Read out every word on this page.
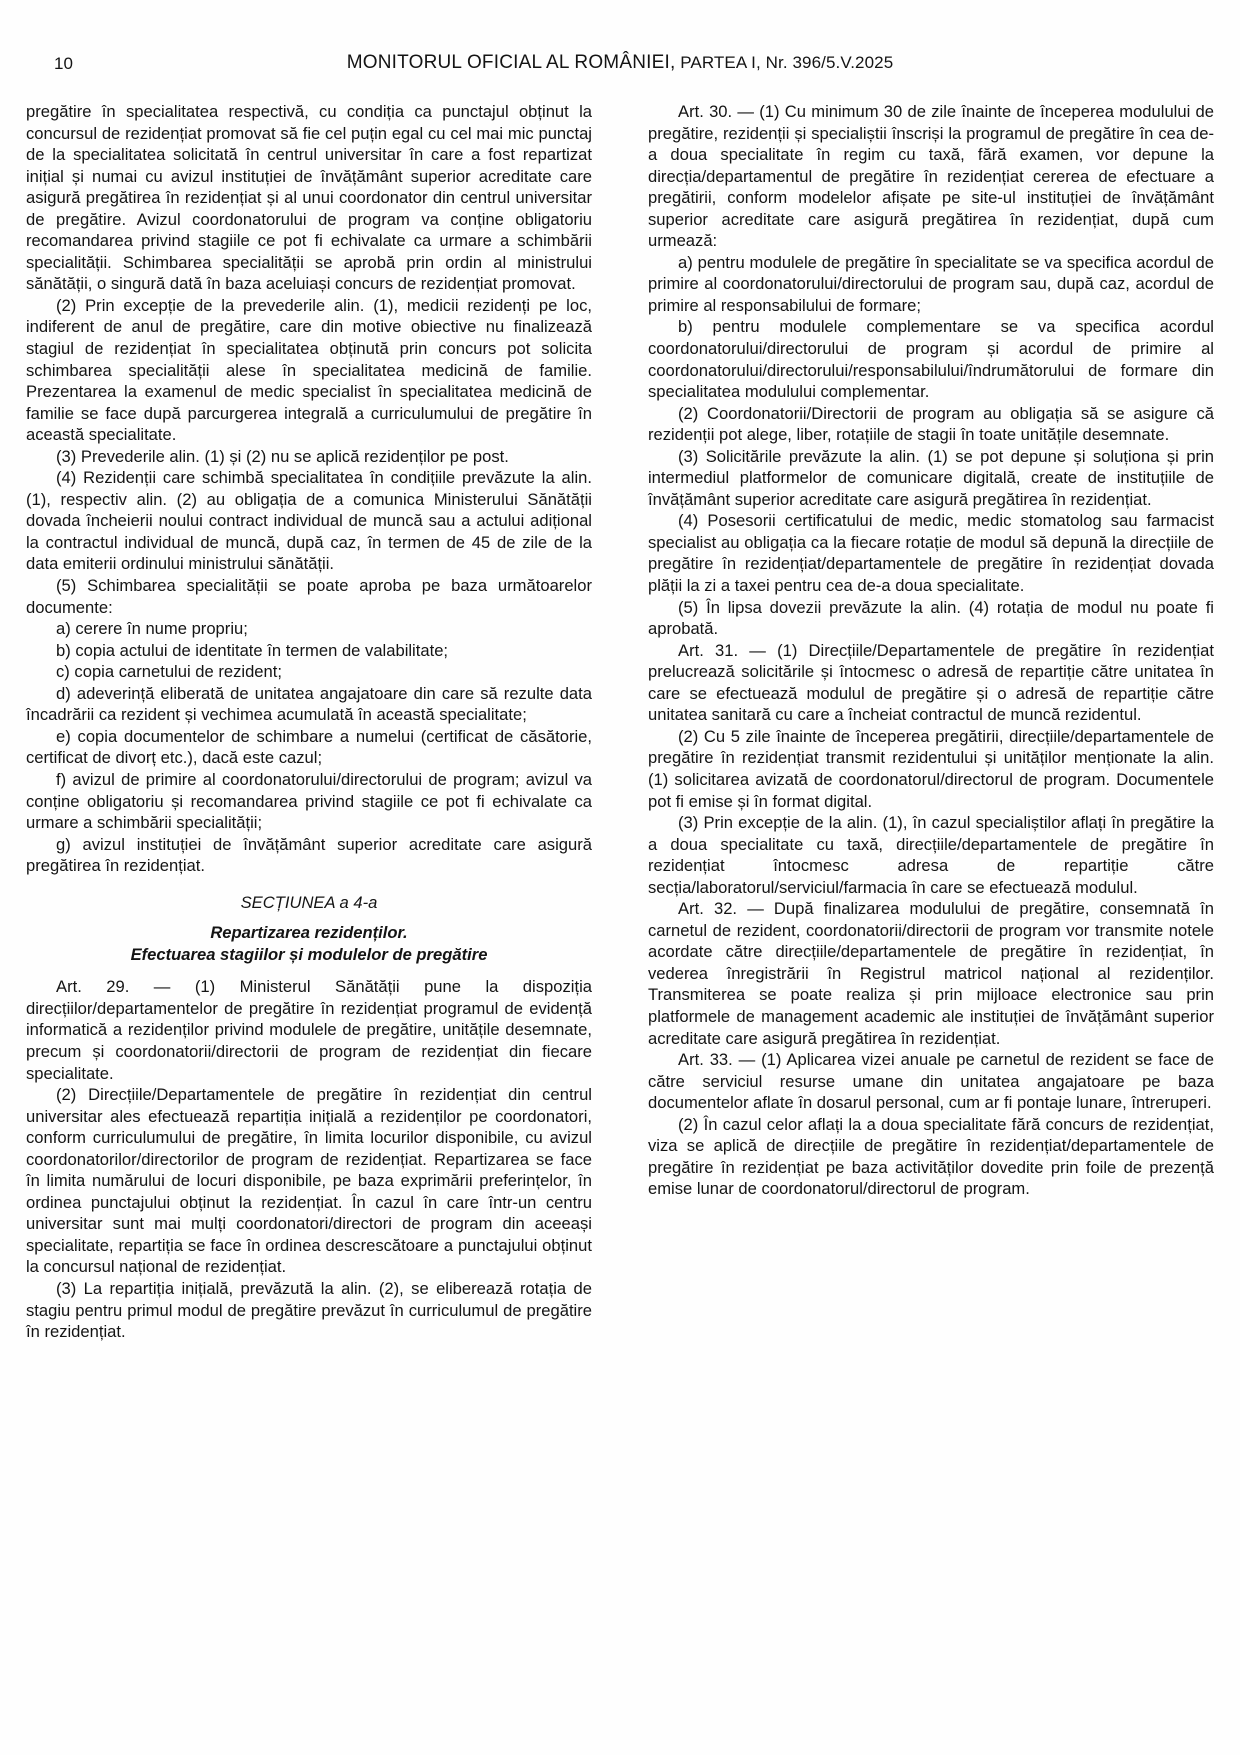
10	MONITORUL OFICIAL AL ROMÂNIEI, PARTEA I, Nr. 396/5.V.2025

pregătire în specialitatea respectivă, cu condiția ca punctajul obținut la concursul de rezidențiat promovat să fie cel puțin egal cu cel mai mic punctaj de la specialitatea solicitată în centrul universitar în care a fost repartizat inițial și numai cu avizul instituției de învățământ superior acreditate care asigură pregătirea în rezidențiat și al unui coordonator din centrul universitar de pregătire. Avizul coordonatorului de program va conține obligatoriu recomandarea privind stagiile ce pot fi echivalate ca urmare a schimbării specialității. Schimbarea specialității se aprobă prin ordin al ministrului sănătății, o singură dată în baza aceluiași concurs de rezidențiat promovat.

(2) Prin excepție de la prevederile alin. (1), medicii rezidenți pe loc, indiferent de anul de pregătire, care din motive obiective nu finalizează stagiul de rezidențiat în specialitatea obținută prin concurs pot solicita schimbarea specialității alese în specialitatea medicină de familie. Prezentarea la examenul de medic specialist în specialitatea medicină de familie se face după parcurgerea integrală a curriculumului de pregătire în această specialitate.

(3) Prevederile alin. (1) și (2) nu se aplică rezidenților pe post.

(4) Rezidenții care schimbă specialitatea în condițiile prevăzute la alin. (1), respectiv alin. (2) au obligația de a comunica Ministerului Sănătății dovada încheierii noului contract individual de muncă sau a actului adițional la contractul individual de muncă, după caz, în termen de 45 de zile de la data emiterii ordinului ministrului sănătății.

(5) Schimbarea specialității se poate aproba pe baza următoarelor documente:

a) cerere în nume propriu;

b) copia actului de identitate în termen de valabilitate;

c) copia carnetului de rezident;

d) adeverință eliberată de unitatea angajatoare din care să rezulte data încadrării ca rezident și vechimea acumulată în această specialitate;

e) copia documentelor de schimbare a numelui (certificat de căsătorie, certificat de divorț etc.), dacă este cazul;

f) avizul de primire al coordonatorului/directorului de program; avizul va conține obligatoriu și recomandarea privind stagiile ce pot fi echivalate ca urmare a schimbării specialității;

g) avizul instituției de învățământ superior acreditate care asigură pregătirea în rezidențiat.

SECȚIUNEA a 4-a

Repartizarea rezidenților.

Efectuarea stagiilor și modulelor de pregătire

Art. 29. — (1) Ministerul Sănătății pune la dispoziția direcțiilor/departamentelor de pregătire în rezidențiat programul de evidență informatică a rezidenților privind modulele de pregătire, unitățile desemnate, precum și coordonatorii/directorii de program de rezidențiat din fiecare specialitate.

(2) Direcțiile/Departamentele de pregătire în rezidențiat din centrul universitar ales efectuează repartiția inițială a rezidenților pe coordonatori, conform curriculumului de pregătire, în limita locurilor disponibile, cu avizul coordonatorilor/directorilor de program de rezidențiat. Repartizarea se face în limita numărului de locuri disponibile, pe baza exprimării preferințelor, în ordinea punctajului obținut la rezidențiat. În cazul în care într-un centru universitar sunt mai mulți coordonatori/directori de program din aceeași specialitate, repartiția se face în ordinea descrescătoare a punctajului obținut la concursul național de rezidențiat.

(3) La repartiția inițială, prevăzută la alin. (2), se eliberează rotația de stagiu pentru primul modul de pregătire prevăzut în curriculumul de pregătire în rezidențiat.

Art. 30. — (1) Cu minimum 30 de zile înainte de începerea modulului de pregătire, rezidenții și specialiștii înscriși la programul de pregătire în cea de-a doua specialitate în regim cu taxă, fără examen, vor depune la direcția/departamentul de pregătire în rezidențiat cererea de efectuare a pregătirii, conform modelelor afișate pe site-ul instituției de învățământ superior acreditate care asigură pregătirea în rezidențiat, după cum urmează:

a) pentru modulele de pregătire în specialitate se va specifica acordul de primire al coordonatorului/directorului de program sau, după caz, acordul de primire al responsabilului de formare;

b) pentru modulele complementare se va specifica acordul coordonatorului/directorului de program și acordul de primire al coordonatorului/directorului/responsabilului/îndrumătorului de formare din specialitatea modulului complementar.

(2) Coordonatorii/Directorii de program au obligația să se asigure că rezidenții pot alege, liber, rotațiile de stagii în toate unitățile desemnate.

(3) Solicitările prevăzute la alin. (1) se pot depune și soluționa și prin intermediul platformelor de comunicare digitală, create de instituțiile de învățământ superior acreditate care asigură pregătirea în rezidențiat.

(4) Posesorii certificatului de medic, medic stomatolog sau farmacist specialist au obligația ca la fiecare rotație de modul să depună la direcțiile de pregătire în rezidențiat/departamentele de pregătire în rezidențiat dovada plății la zi a taxei pentru cea de-a doua specialitate.

(5) În lipsa dovezii prevăzute la alin. (4) rotația de modul nu poate fi aprobată.

Art. 31. — (1) Direcțiile/Departamentele de pregătire în rezidențiat prelucrează solicitările și întocmesc o adresă de repartiție către unitatea în care se efectuează modulul de pregătire și o adresă de repartiție către unitatea sanitară cu care a încheiat contractul de muncă rezidentul.

(2) Cu 5 zile înainte de începerea pregătirii, direcțiile/departamentele de pregătire în rezidențiat transmit rezidentului și unităților menționate la alin. (1) solicitarea avizată de coordonatorul/directorul de program. Documentele pot fi emise și în format digital.

(3) Prin excepție de la alin. (1), în cazul specialiștilor aflați în pregătire la a doua specialitate cu taxă, direcțiile/departamentele de pregătire în rezidențiat întocmesc adresa de repartiție către secția/laboratorul/serviciul/farmacia în care se efectuează modulul.

Art. 32. — După finalizarea modulului de pregătire, consemnată în carnetul de rezident, coordonatorii/directorii de program vor transmite notele acordate către direcțiile/departamentele de pregătire în rezidențiat, în vederea înregistrării în Registrul matricol național al rezidenților. Transmiterea se poate realiza și prin mijloace electronice sau prin platformele de management academic ale instituției de învățământ superior acreditate care asigură pregătirea în rezidențiat.

Art. 33. — (1) Aplicarea vizei anuale pe carnetul de rezident se face de către serviciul resurse umane din unitatea angajatoare pe baza documentelor aflate în dosarul personal, cum ar fi pontaje lunare, întreruperi.

(2) În cazul celor aflați la a doua specialitate fără concurs de rezidențiat, viza se aplică de direcțiile de pregătire în rezidențiat/departamentele de pregătire în rezidențiat pe baza activităților dovedite prin foile de prezență emise lunar de coordonatorul/directorul de program.
